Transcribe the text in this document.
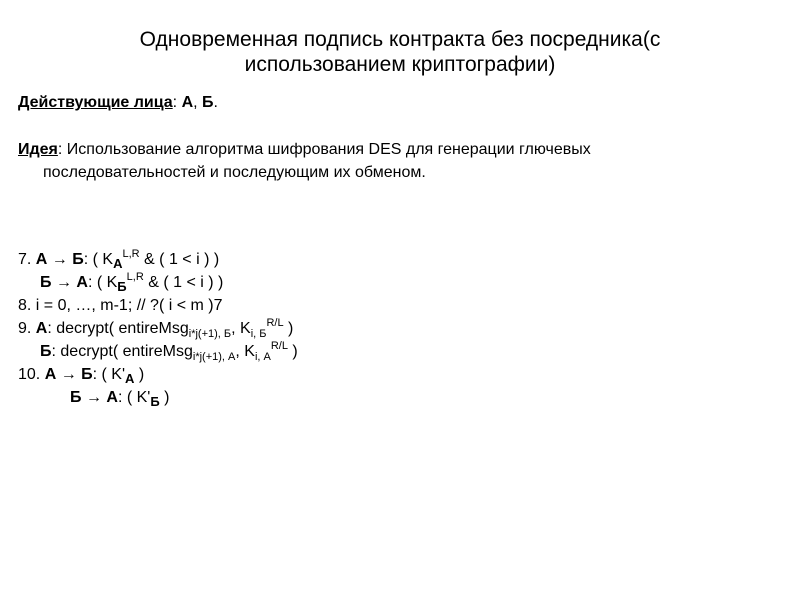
Одновременная подпись контракта без посредника(с
использованием криптографии)
Действующие лица: А, Б.
Идея: Использование алгоритма шифрования DES для генерации глючевых последовательностей и последующим их обменом.
7. А → Б: ( $K_А^{L,R}$ & ( 1 < i ) )
Б → А: ( $K_Б^{L,R}$ & ( 1 < i ) )
8. i = 0, …, m-1; // ?( i < m )7
9. А: decrypt( entireMsg$_{i*j(+1), Б}$, $K_{i, Б}^{R/L}$ )
Б: decrypt( entireMsg$_{i*j(+1), А}$, $K_{i, А}^{R/L}$ )
10. А → Б: ( $K'_А$ )
Б → А: ( $K'_Б$ )
